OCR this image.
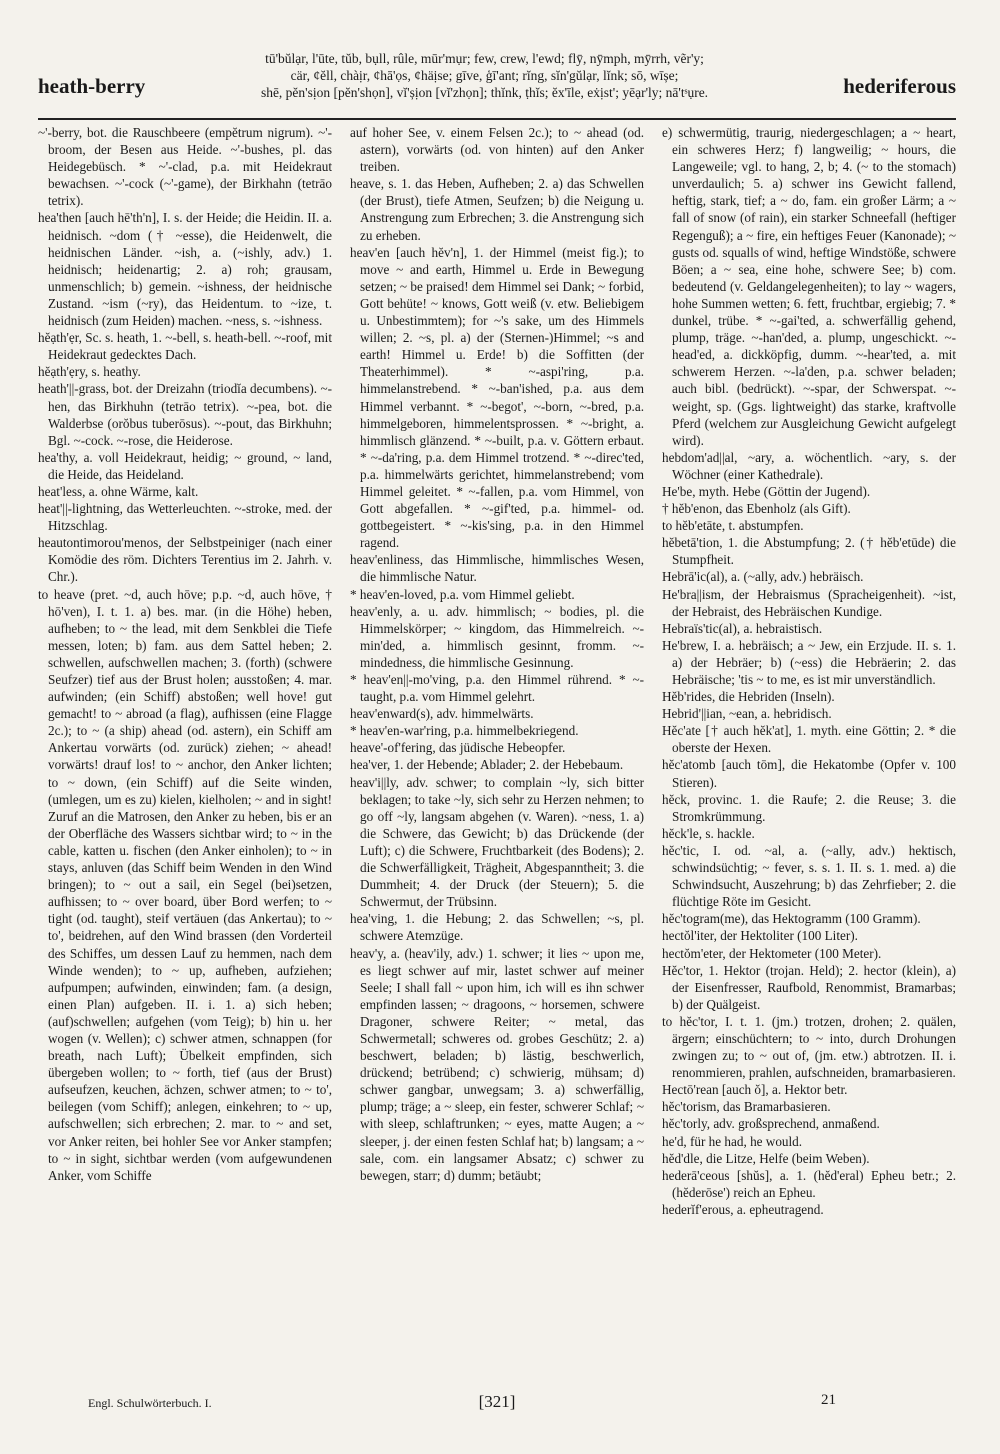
heath-berry
tū'bŭlạr, l'ūte, tŭb, bụll, rûle, mūr'mụr; few, crew, l'ewd; flȳ, nȳmph, mȳrrh, vẽr'y;
cär, ȼĕll, chàịr, ȼhā'ọs, ȼhäịse; gīve, ģī'ant; rĭng, sĭn'gŭlạr, lĭnk; sō, wīșe;
shē, pĕn'sịon [pĕn'shọn], vĭ'șịon [vĭ'zhọn]; thĭnk, ṭhĭs; ĕx'īle, eẋịst'; yēạr'ly; nā'tˢụre.	hederiferous

~'-berry, bot. die Rauschbeere (empĕtrum nigrum). ~'-broom, der Besen aus Heide. ~'-bushes, pl. das Heidegebüsch. * ~'-clad, p.a. mit Heidekraut bewachsen. ~'-cock (~'-game), der Birkhahn (tetrāo tetrix).

hea'then [auch hē'th'n], I. s. der Heide; die Heidin. II. a. heidnisch. ~dom († ~esse), die Heidenwelt, die heidnischen Länder. ~ish, a. (~ishly, adv.) 1. heidnisch; heidenartig; 2. a) roh; grausam, unmenschlich; b) gemein. ~ishness, der heidnische Zustand. ~ism (~ry), das Heidentum. to ~ize, t. heidnisch (zum Heiden) machen. ~ness, s. ~ishness.

hĕạth'ẹr, Sc. s. heath, 1. ~-bell, s. heath-bell. ~-roof, mit Heidekraut gedecktes Dach.

hĕạth'ẹry, s. heathy.

heath'||-grass, bot. der Dreizahn (triodĭa decumbens). ~-hen, das Birkhuhn (tetrāo tetrix). ~-pea, bot. die Walderbse (orŏbus tuberōsus). ~-pout, das Birkhuhn; Bgl. ~-cock. ~-rose, die Heiderose.

hea'thy, a. voll Heidekraut, heidig; ~ ground, ~ land, die Heide, das Heideland.

heat'less, a. ohne Wärme, kalt.

heat'||-lightning, das Wetterleuchten. ~-stroke, med. der Hitzschlag.

heautontimorou'menos, der Selbstpeiniger (nach einer Komödie des röm. Dichters Terentius im 2. Jahrh. v. Chr.).

to heave (pret. ~d, auch hōve; p.p. ~d, auch hōve, † hō'ven), I. t. 1. a) bes. mar. (in die Höhe) heben, aufheben; to ~ the lead, mit dem Senkblei die Tiefe messen, loten; b) fam. aus dem Sattel heben; 2. schwellen, aufschwellen machen; 3. (forth) (schwere Seufzer) tief aus der Brust holen; ausstoßen; 4. mar. aufwinden; (ein Schiff) abstoßen; well hove! gut gemacht! to ~ abroad (a flag), aufhissen (eine Flagge 2c.); to ~ (a ship) ahead (od. astern), ein Schiff am Ankertau vorwärts (od. zurück) ziehen; ~ ahead! vorwärts! drauf los! to ~ anchor, den Anker lichten; to ~ down, (ein Schiff) auf die Seite winden, (umlegen, um es zu) kielen, kielholen; ~ and in sight! Zuruf an die Matrosen, den Anker zu heben, bis er an der Oberfläche des Wassers sichtbar wird; to ~ in the cable, katten u. fischen (den Anker einholen); to ~ in stays, anluven (das Schiff beim Wenden in den Wind bringen); to ~ out a sail, ein Segel (bei)setzen, aufhissen; to ~ over board, über Bord werfen; to ~ tight (od. taught), steif vertäuen (das Ankertau); to ~ to', beidrehen, auf den Wind brassen (den Vorderteil des Schiffes, um dessen Lauf zu hemmen, nach dem Winde wenden); to ~ up, aufheben, aufziehen; aufpumpen; aufwinden, einwinden; fam. (a design, einen Plan) aufgeben. II. i. 1. a) sich heben; (auf)schwellen; aufgehen (vom Teig); b) hin u. her wogen (v. Wellen); c) schwer atmen, schnappen (for breath, nach Luft); Übelkeit empfinden, sich übergeben wollen; to ~ forth, tief (aus der Brust) aufseufzen, keuchen, ächzen, schwer atmen; to ~ to', beilegen (vom Schiff); anlegen, einkehren; to ~ up, aufschwellen; sich erbrechen; 2. mar. to ~ and set, vor Anker reiten, bei hohler See vor Anker stampfen; to ~ in sight, sichtbar werden (vom aufgewundenen Anker, vom Schiffe

auf hoher See, v. einem Felsen 2c.); to ~ ahead (od. astern), vorwärts (od. von hinten) auf den Anker treiben.

heave, s. 1. das Heben, Aufheben; 2. a) das Schwellen (der Brust), tiefe Atmen, Seufzen; b) die Neigung u. Anstrengung zum Erbrechen; 3. die Anstrengung sich zu erheben.

heav'en [auch hĕv'n], 1. der Himmel (meist fig.); to move ~ and earth, Himmel u. Erde in Bewegung setzen; ~ be praised! dem Himmel sei Dank; ~ forbid, Gott behüte! ~ knows, Gott weiß (v. etw. Beliebigem u. Unbestimmtem); for ~'s sake, um des Himmels willen; 2. ~s, pl. a) der (Sternen-)Himmel; ~s and earth! Himmel u. Erde! b) die Soffitten (der Theaterhimmel). * ~-aspi'ring, p.a. himmelanstrebend. * ~-ban'ished, p.a. aus dem Himmel verbannt. * ~-begot', ~-born, ~-bred, p.a. himmelgeboren, himmelentsprossen. * ~-bright, a. himmlisch glänzend. * ~-built, p.a. v. Göttern erbaut. * ~-da'ring, p.a. dem Himmel trotzend. * ~-direc'ted, p.a. himmelwärts gerichtet, himmelanstrebend; vom Himmel geleitet. * ~-fallen, p.a. vom Himmel, von Gott abgefallen. * ~-gif'ted, p.a. himmel- od. gottbegeistert. * ~-kis'sing, p.a. in den Himmel ragend.

heav'enliness, das Himmlische, himmlisches Wesen, die himmlische Natur.

* heav'en-loved, p.a. vom Himmel geliebt.

heav'enly, a. u. adv. himmlisch; ~ bodies, pl. die Himmelskörper; ~ kingdom, das Himmelreich. ~-min'ded, a. himmlisch gesinnt, fromm. ~-mindedness, die himmlische Gesinnung.

* heav'en||-mo'ving, p.a. den Himmel rührend. * ~-taught, p.a. vom Himmel gelehrt.

heav'enward(s), adv. himmelwärts.

* heav'en-war'ring, p.a. himmelbekriegend.

heave'-of'fering, das jüdische Hebeopfer.

hea'ver, 1. der Hebende; Ablader; 2. der Hebebaum.

heav'i||ly, adv. schwer; to complain ~ly, sich bitter beklagen; to take ~ly, sich sehr zu Herzen nehmen; to go off ~ly, langsam abgehen (v. Waren). ~ness, 1. a) die Schwere, das Gewicht; b) das Drückende (der Luft); c) die Schwere, Fruchtbarkeit (des Bodens); 2. die Schwerfälligkeit, Trägheit, Abgespanntheit; 3. die Dummheit; 4. der Druck (der Steuern); 5. die Schwermut, der Trübsinn.

hea'ving, 1. die Hebung; 2. das Schwellen; ~s, pl. schwere Atemzüge.

heav'y, a. (heav'ily, adv.) 1. schwer; it lies ~ upon me, es liegt schwer auf mir, lastet schwer auf meiner Seele; I shall fall ~ upon him, ich will es ihn schwer empfinden lassen; ~ dragoons, ~ horsemen, schwere Dragoner, schwere Reiter; ~ metal, das Schwermetall; schweres od. grobes Geschütz; 2. a) beschwert, beladen; b) lästig, beschwerlich, drückend; betrübend; c) schwierig, mühsam; d) schwer gangbar, unwegsam; 3. a) schwerfällig, plump; träge; a ~ sleep, ein fester, schwerer Schlaf; ~ with sleep, schlaftrunken; ~ eyes, matte Augen; a ~ sleeper, j. der einen festen Schlaf hat; b) langsam; a ~ sale, com. ein langsamer Absatz; c) schwer zu bewegen, starr; d) dumm; betäubt;

e) schwermütig, traurig, niedergeschlagen; a ~ heart, ein schweres Herz; f) langweilig; ~ hours, die Langeweile; vgl. to hang, 2, b; 4. (~ to the stomach) unverdaulich; 5. a) schwer ins Gewicht fallend, heftig, stark, tief; a ~ do, fam. ein großer Lärm; a ~ fall of snow (of rain), ein starker Schneefall (heftiger Regenguß); a ~ fire, ein heftiges Feuer (Kanonade); ~ gusts od. squalls of wind, heftige Windstöße, schwere Böen; a ~ sea, eine hohe, schwere See; b) com. bedeutend (v. Geldangelegenheiten); to lay ~ wagers, hohe Summen wetten; 6. fett, fruchtbar, ergiebig; 7. * dunkel, trübe. * ~-gai'ted, a. schwerfällig gehend, plump, träge. ~-han'ded, a. plump, ungeschickt. ~-head'ed, a. dickköpfig, dumm. ~-hear'ted, a. mit schwerem Herzen. ~-la'den, p.a. schwer beladen; auch bibl. (bedrückt). ~-spar, der Schwerspat. ~-weight, sp. (Ggs. lightweight) das starke, kraftvolle Pferd (welchem zur Ausgleichung Gewicht aufgelegt wird).

hebdom'ad||al, ~ary, a. wöchentlich. ~ary, s. der Wöchner (einer Kathedrale).

He'be, myth. Hebe (Göttin der Jugend).

† hĕb'enon, das Ebenholz (als Gift).

to hĕb'etāte, t. abstumpfen.

hĕbetā'tion, 1. die Abstumpfung; 2. († hĕb'etūde) die Stumpfheit.

Hebrā'ic(al), a. (~ally, adv.) hebräisch.

He'bra||ism, der Hebraismus (Spracheigenheit). ~ist, der Hebraist, des Hebräischen Kundige.

Hebraïs'tic(al), a. hebraistisch.

He'brew, I. a. hebräisch; a ~ Jew, ein Erzjude. II. s. 1. a) der Hebräer; b) (~ess) die Hebräerin; 2. das Hebräische; 'tis ~ to me, es ist mir unverständlich.

Hĕb'rides, die Hebriden (Inseln).

Hebrid'||ian, ~ean, a. hebridisch.

Hĕc'ate [† auch hĕk'at], 1. myth. eine Göttin; 2. * die oberste der Hexen.

hĕc'atomb [auch tōm], die Hekatombe (Opfer v. 100 Stieren).

hĕck, provinc. 1. die Raufe; 2. die Reuse; 3. die Stromkrümmung.

hĕck'le, s. hackle.

hĕc'tic, I. od. ~al, a. (~ally, adv.) hektisch, schwindsüchtig; ~ fever, s. s. 1. II. s. 1. med. a) die Schwindsucht, Auszehrung; b) das Zehrfieber; 2. die flüchtige Röte im Gesicht.

hĕc'togram(me), das Hektogramm (100 Gramm).

hectŏl'iter, der Hektoliter (100 Liter).

hectŏm'eter, der Hektometer (100 Meter).

Hĕc'tor, 1. Hektor (trojan. Held); 2. hector (klein), a) der Eisenfresser, Raufbold, Renommist, Bramarbas; b) der Quälgeist.

to hĕc'tor, I. t. 1. (jm.) trotzen, drohen; 2. quälen, ärgern; einschüchtern; to ~ into, durch Drohungen zwingen zu; to ~ out of, (jm. etw.) abtrotzen. II. i. renommieren, prahlen, aufschneiden, bramarbasieren.

Hectō'rean [auch ŏ], a. Hektor betr.

hĕc'torism, das Bramarbasieren.

hĕc'torly, adv. großsprechend, anmaßend.

he'd, für he had, he would.

hĕd'dle, die Litze, Helfe (beim Weben).

hederā'ceous [shŭs], a. 1. (hĕd'eral) Epheu betr.; 2. (hĕderōse') reich an Epheu.

hederĭf'erous, a. epheutragend.

Engl. Schulwörterbuch. I.	[321]	21
